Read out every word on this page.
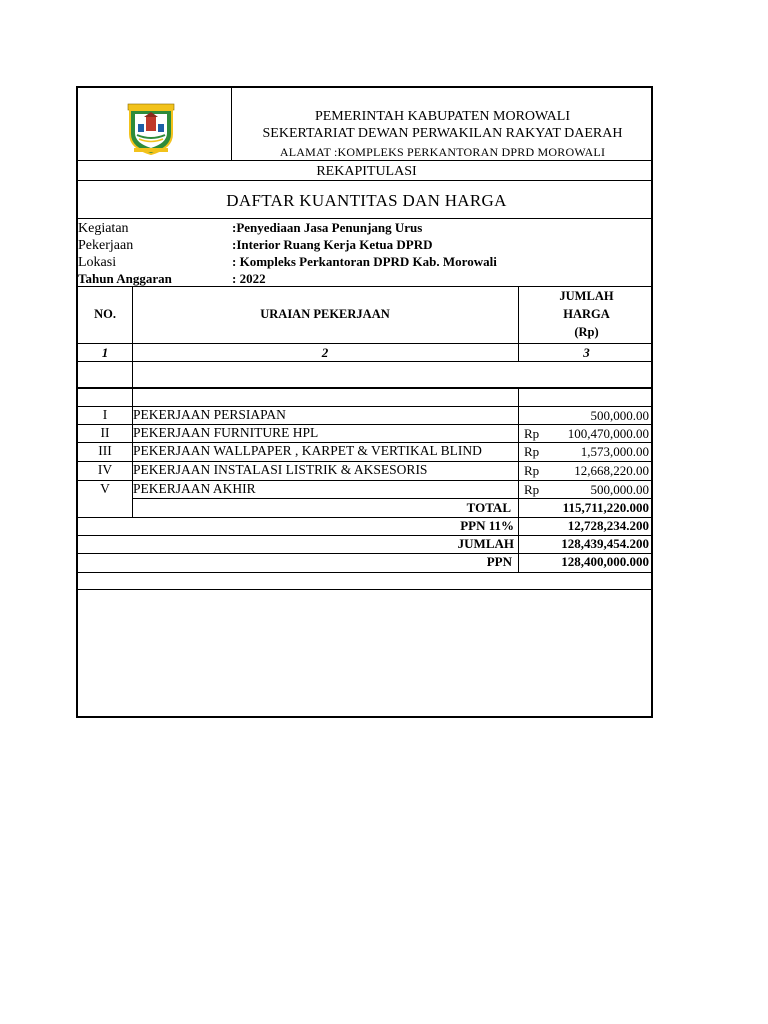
PEMERINTAH KABUPATEN MOROWALI
SEKERTARIAT DEWAN PERWAKILAN RAKYAT DAERAH
ALAMAT :KOMPLEKS PERKANTORAN DPRD MOROWALI
REKAPITULASI
DAFTAR KUANTITAS DAN HARGA
Kegiatan	:Penyediaan Jasa Penunjang Urus
Pekerjaan	:Interior Ruang Kerja Ketua DPRD
Lokasi	: Kompleks Perkantoran DPRD Kab. Morowali
Tahun Anggaran	: 2022
NO.	URAIAN PEKERJAAN
JUMLAH
HARGA
(Rp)
1	2	3
I	PEKERJAAN PERSIAPAN	500,000.00
II	PEKERJAAN FURNITURE HPL	Rp 100,470,000.00
III	PEKERJAAN WALLPAPER , KARPET & VERTIKAL BLIND	Rp	1,573,000.00
IV	PEKERJAAN INSTALASI LISTRIK & AKSESORIS	Rp	12,668,220.00
V	PEKERJAAN AKHIR	Rp	500,000.00
TOTAL	115,711,220.000
PPN 11%	12,728,234.200
JUMLAH	128,439,454.200
PPN	128,400,000.000
